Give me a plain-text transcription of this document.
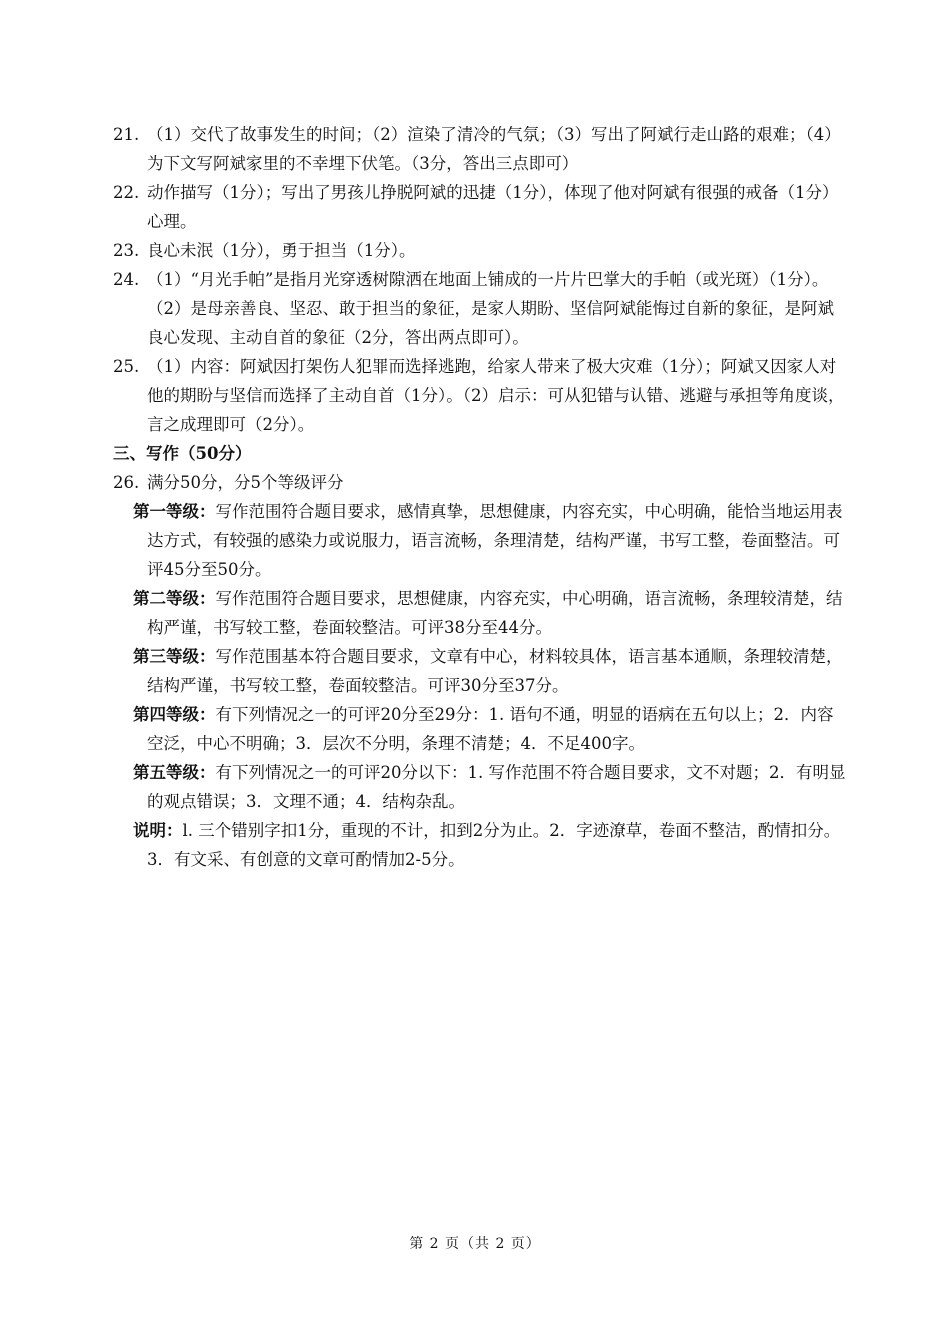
21. （1）交代了故事发生的时间；（2）渲染了清冷的气氛；（3）写出了阿斌行走山路的艰难；（4）为下文写阿斌家里的不幸埋下伏笔。（3分，答出三点即可）

22. 动作描写（1分）；写出了男孩儿挣脱阿斌的迅捷（1分），体现了他对阿斌有很强的戒备（1分）心理。

23. 良心未泯（1分），勇于担当（1分）。

24. （1）“月光手帕”是指月光穿透树隙洒在地面上铺成的一片片巴掌大的手帕（或光斑）（1分）。（2）是母亲善良、坚忍、敢于担当的象征，是家人期盼、坚信阿斌能悔过自新的象征，是阿斌良心发现、主动自首的象征（2分，答出两点即可）。

25. （1）内容：阿斌因打架伤人犯罪而选择逃跑，给家人带来了极大灾难（1分）；阿斌又因家人对他的期盼与坚信而选择了主动自首（1分）。（2）启示：可从犯错与认错、逃避与承担等角度谈，言之成理即可（2分）。

三、写作（50分）

26. 满分50分，分5个等级评分

第一等级：写作范围符合题目要求，感情真挚，思想健康，内容充实，中心明确，能恰当地运用表达方式，有较强的感染力或说服力，语言流畅，条理清楚，结构严谨，书写工整，卷面整洁。可评45分至50分。

第二等级：写作范围符合题目要求，思想健康，内容充实，中心明确，语言流畅，条理较清楚，结构严谨，书写较工整，卷面较整洁。可评38分至44分。

第三等级：写作范围基本符合题目要求，文章有中心，材料较具体，语言基本通顺，条理较清楚，结构严谨，书写较工整，卷面较整洁。可评30分至37分。

第四等级：有下列情况之一的可评20分至29分：1. 语句不通，明显的语病在五句以上；2．内容空泛，中心不明确；3．层次不分明，条理不清楚；4．不足400字。

第五等级：有下列情况之一的可评20分以下：1. 写作范围不符合题目要求，文不对题；2．有明显的观点错误；3．文理不通；4．结构杂乱。

说明：l. 三个错别字扣1分，重现的不计，扣到2分为止。2．字迹潦草，卷面不整洁，酌情扣分。3．有文采、有创意的文章可酌情加2-5分。

第 2 页（共 2 页）
